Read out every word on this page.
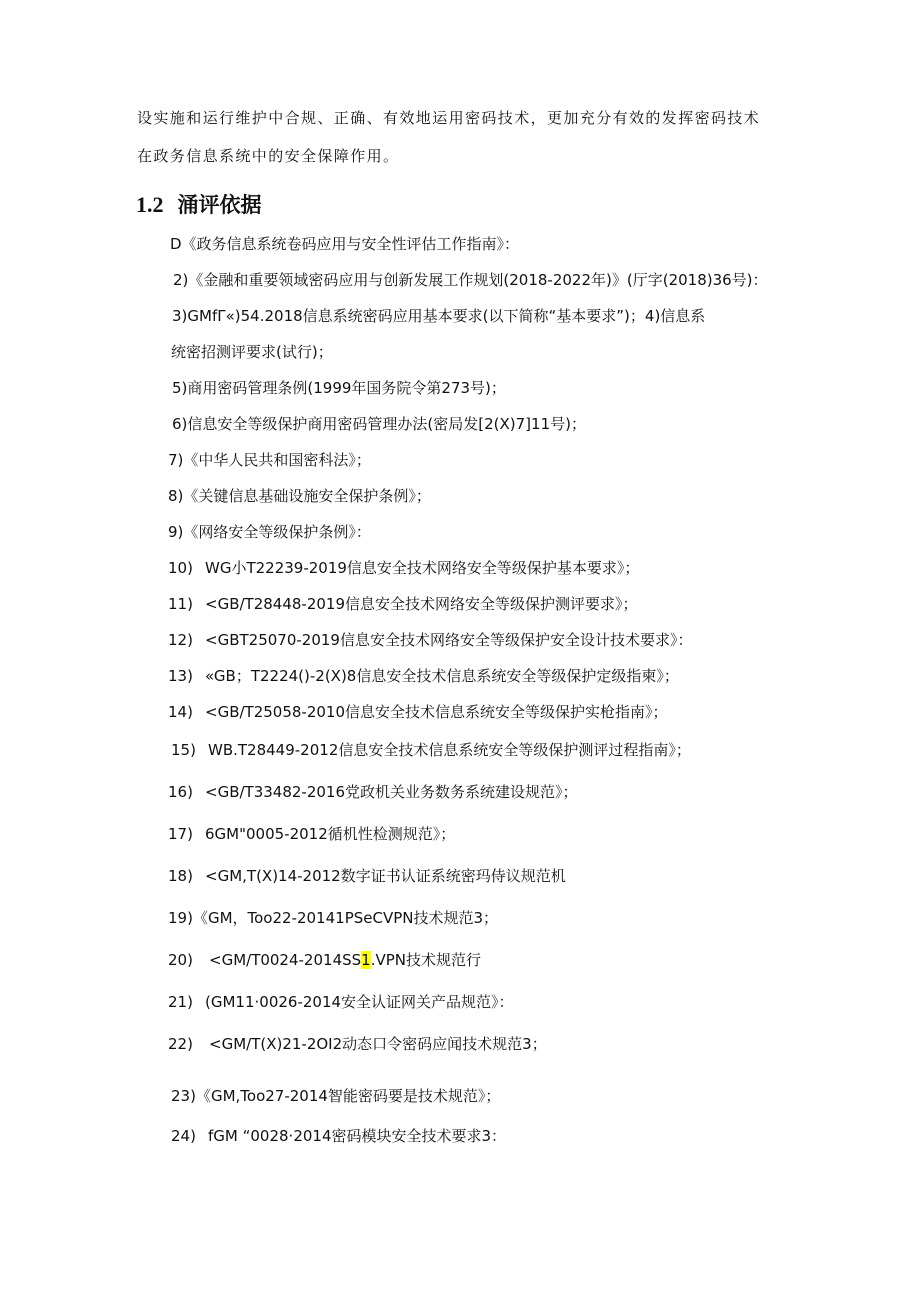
设实施和运行维护中合规、正确、有效地运用密码技术，更加充分有效的发挥密码技术
在政务信息系统中的安全保障作用。
1.2 涌评依据
D《政务信息系统卷码应用与安全性评估工作指南》：
2)《金融和重要领域密码应用与创新发展工作规划(2018-2022年)》(厅字(2018)36号)：
3)GMfΓ«)54.2018信息系统密码应用基本要求(以下简称“基本要求”)；4)信息系
统密招测评要求(试行)；
5)商用密码管理条例(1999年国务院令第273号)；
6)信息安全等级保护商用密码管理办法(密局发[2(X)7]11号)；
7)《中华人民共和国密科法》；
8)《关键信息基础设施安全保护条例》；
9)《网络安全等级保护条例》：
10) WG小T22239-2019信息安全技术网络安全等级保护基本要求》；
11) <GB/T28448-2019信息安全技术网络安全等级保护测评要求》；
12) <GBT25070-2019信息安全技术网络安全等级保护安全设计技术要求》：
13) «GB；T2224()-2(X)8信息安全技术信息系统安全等级保护定级指柬》；
14) <GB/T25058-2010信息安全技术信息系统安全等级保护实枪指南》；
15) WB.T28449-2012信息安全技术信息系统安全等级保护测评过程指南》；
16) <GB/T33482-2016党政机关业务数务系统建设规范》；
17) 6GM"0005-2012循机性检测规范》；
18) <GM,T(X)14-2012数字证书认证系统密玛侍议规范机
19)《GM，Too22-20141PSeCVPN技术规范3；
20) <GM/T0024-2014SS1.VPN技术规范行
21) (GM11·0026-2014安全认证网关产品规范》：
22) <GM/T(X)21-2OI2动态口令密码应闻技术规范3；
23)《GM,Too27-2014智能密码要是技术规范》；
24) fGM “0028·2014密码模块安全技术要求3：
